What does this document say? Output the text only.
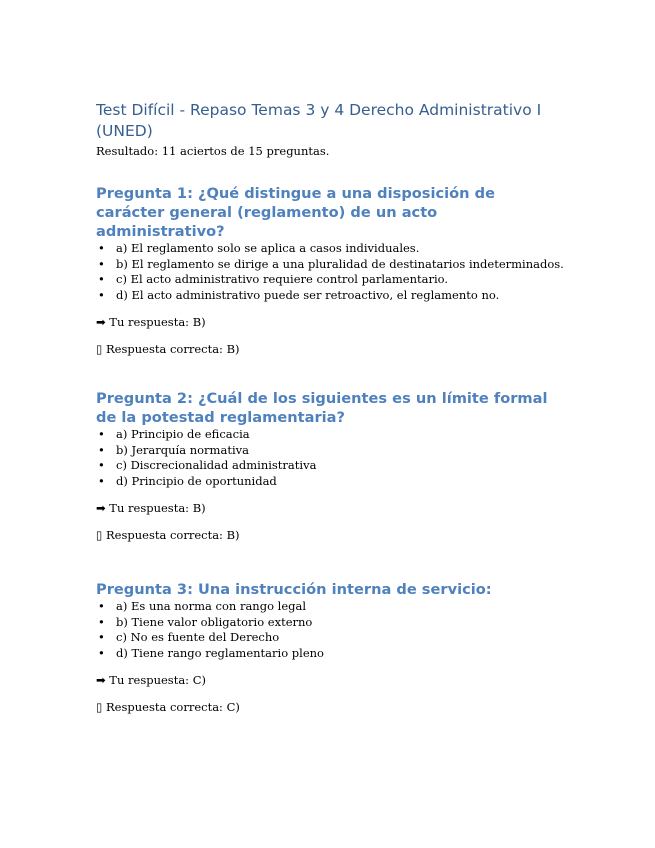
Test Difícil - Repaso Temas 3 y 4 Derecho Administrativo I (UNED)

Resultado: 11 aciertos de 15 preguntas.

Pregunta 1: ¿Qué distingue a una disposición de carácter general (reglamento) de un acto administrativo?
• a) El reglamento solo se aplica a casos individuales.
• b) El reglamento se dirige a una pluralidad de destinatarios indeterminados.
• c) El acto administrativo requiere control parlamentario.
• d) El acto administrativo puede ser retroactivo, el reglamento no.

➡ Tu respuesta: B)

▯ Respuesta correcta: B)

Pregunta 2: ¿Cuál de los siguientes es un límite formal de la potestad reglamentaria?
• a) Principio de eficacia
• b) Jerarquía normativa
• c) Discrecionalidad administrativa
• d) Principio de oportunidad

➡ Tu respuesta: B)

▯ Respuesta correcta: B)

Pregunta 3: Una instrucción interna de servicio:
• a) Es una norma con rango legal
• b) Tiene valor obligatorio externo
• c) No es fuente del Derecho
• d) Tiene rango reglamentario pleno

➡ Tu respuesta: C)

▯ Respuesta correcta: C)
